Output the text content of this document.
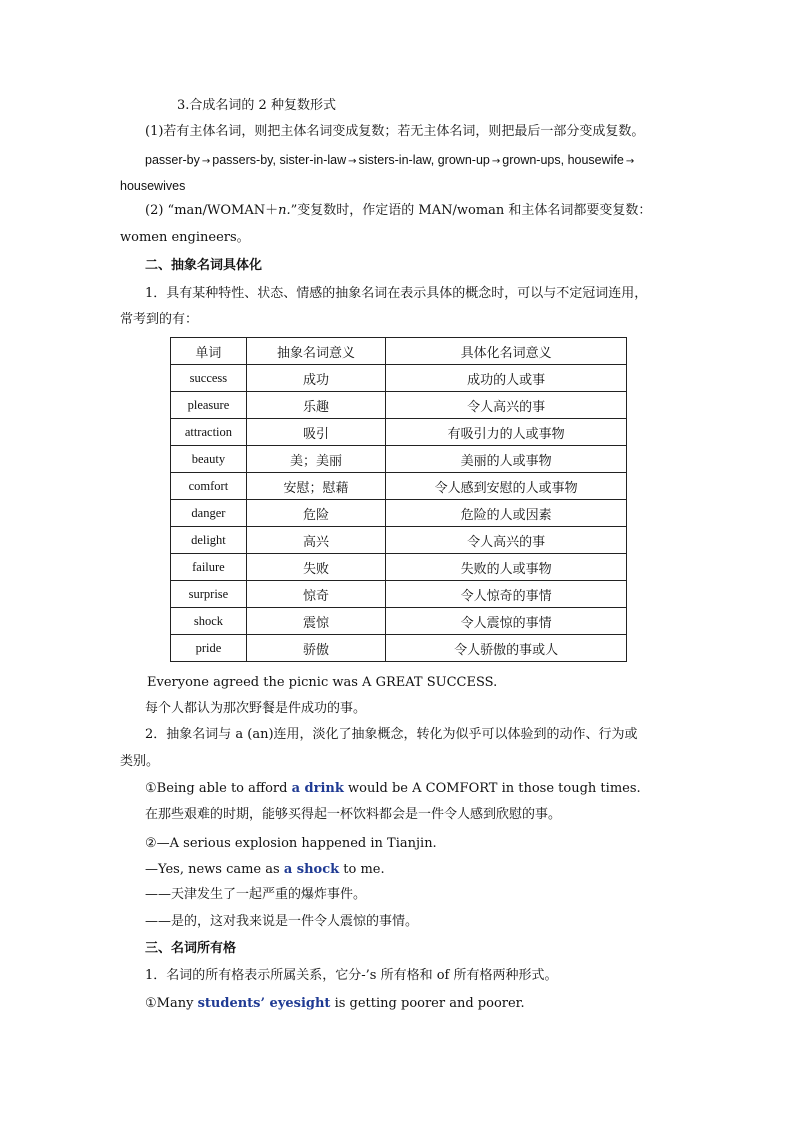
3.合成名词的 2 种复数形式
(1)若有主体名词，则把主体名词变成复数；若无主体名词，则把最后一部分变成复数。
passer-by → passers-by, sister-in-law → sisters-in-law, grown-up → grown-ups, housewife →
housewives
(2) “man/WOMAN＋n.”变复数时，作定语的 MAN/woman 和主体名词都要变复数：
women engineers。
二、抽象名词具体化
1．具有某种特性、状态、情感的抽象名词在表示具体的概念时，可以与不定冠词连用，
常考到的有：
单词	抽象名词意义	具体化名词意义
success	成功	成功的人或事
pleasure	乐趣	令人高兴的事
attraction	吸引	有吸引力的人或事物
beauty	美；美丽	美丽的人或事物
comfort	安慰；慰藉	令人感到安慰的人或事物
danger	危险	危险的人或因素
delight	高兴	令人高兴的事
failure	失败	失败的人或事物
surprise	惊奇	令人惊奇的事情
shock	震惊	令人震惊的事情
pride	骄傲	令人骄傲的事或人
Everyone agreed the picnic was A GREAT SUCCESS.
每个人都认为那次野餐是件成功的事。
2．抽象名词与 a (an)连用，淡化了抽象概念，转化为似乎可以体验到的动作、行为或
类别。
①Being able to afford a drink would be A COMFORT in those tough times.
在那些艰难的时期，能够买得起一杯饮料都会是一件令人感到欣慰的事。
②—A serious explosion happened in Tianjin.
—Yes, news came as a shock to me.
——天津发生了一起严重的爆炸事件。
——是的，这对我来说是一件令人震惊的事情。
三、名词所有格
1．名词的所有格表示所属关系，它分-’s 所有格和 of 所有格两种形式。
①Many students’ eyesight is getting poorer and poorer.
